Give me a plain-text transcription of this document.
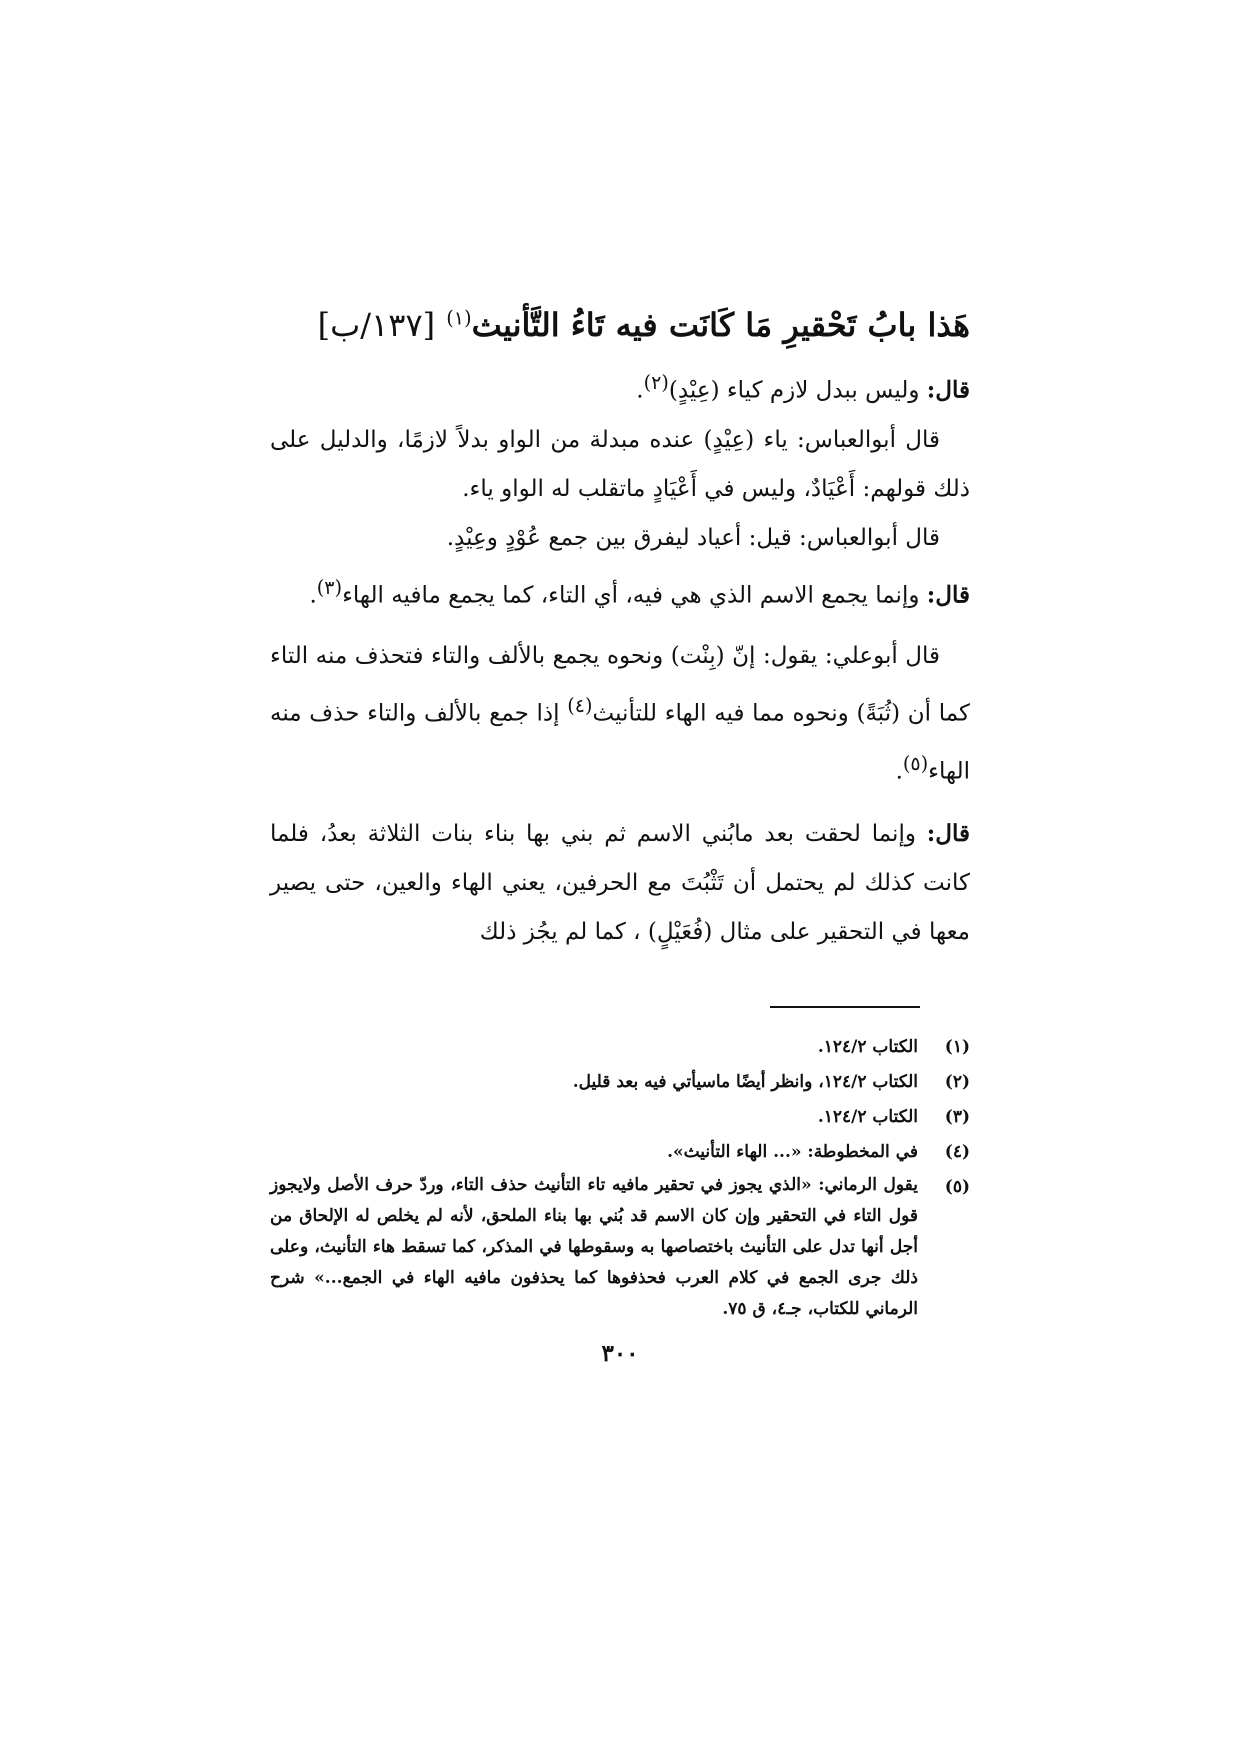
هَذا بابُ تَحْقيرِ مَا كَانَت فيه تَاءُ التَّأنيث$^{(١)}$ [١٣٧/ب]

قال: وليس ببدل لازم كياء (عِيْدٍ)$^{(٢)}$.

قال أبوالعباس: ياء (عِيْدٍ) عنده مبدلة من الواو بدلاً لازمًا، والدليل على ذلك قولهم: أَعْيَادٌ، وليس في أَعْيَادٍ ماتقلب له الواو ياء.

قال أبوالعباس: قيل: أعياد ليفرق بين جمع عُوْدٍ وعِيْدٍ.

قال: وإنما يجمع الاسم الذي هي فيه، أي التاء، كما يجمع مافيه الهاء$^{(٣)}$.

قال أبوعلي: يقول: إنّ (بِنْت) ونحوه يجمع بالألف والتاء فتحذف منه التاء كما أن (ثُبَةً) ونحوه مما فيه الهاء للتأنيث$^{(٤)}$ إذا جمع بالألف والتاء حذف منه الهاء$^{(٥)}$.

قال: وإنما لحقت بعد مابُني الاسم ثم بني بها بناء بنات الثلاثة بعدُ، فلما كانت كذلك لم يحتمل أن تَثْبُتَ مع الحرفين، يعني الهاء والعين، حتى يصير معها في التحقير على مثال (فُعَيْلٍ) ، كما لم يجُز ذلك

(١)
الكتاب ١٢٤/٢.
(٢)
الكتاب ١٢٤/٢، وانظر أيضًا ماسيأتي فيه بعد قليل.
(٣)
الكتاب ١٢٤/٢.
(٤)
في المخطوطة: «... الهاء التأنيث».
(٥)
يقول الرماني: «الذي يجوز في تحقير مافيه تاء التأنيث حذف التاء، وردّ حرف الأصل ولايجوز قول التاء في التحقير وإن كان الاسم قد بُني بها بناء الملحق، لأنه لم يخلص له الإلحاق من أجل أنها تدل على التأنيث باختصاصها به وسقوطها في المذكر، كما تسقط هاء التأنيث، وعلى ذلك جرى الجمع في كلام العرب فحذفوها كما يحذفون مافيه الهاء في الجمع...» شرح الرماني للكتاب، جـ٤، ق ٧٥.
٣٠٠
